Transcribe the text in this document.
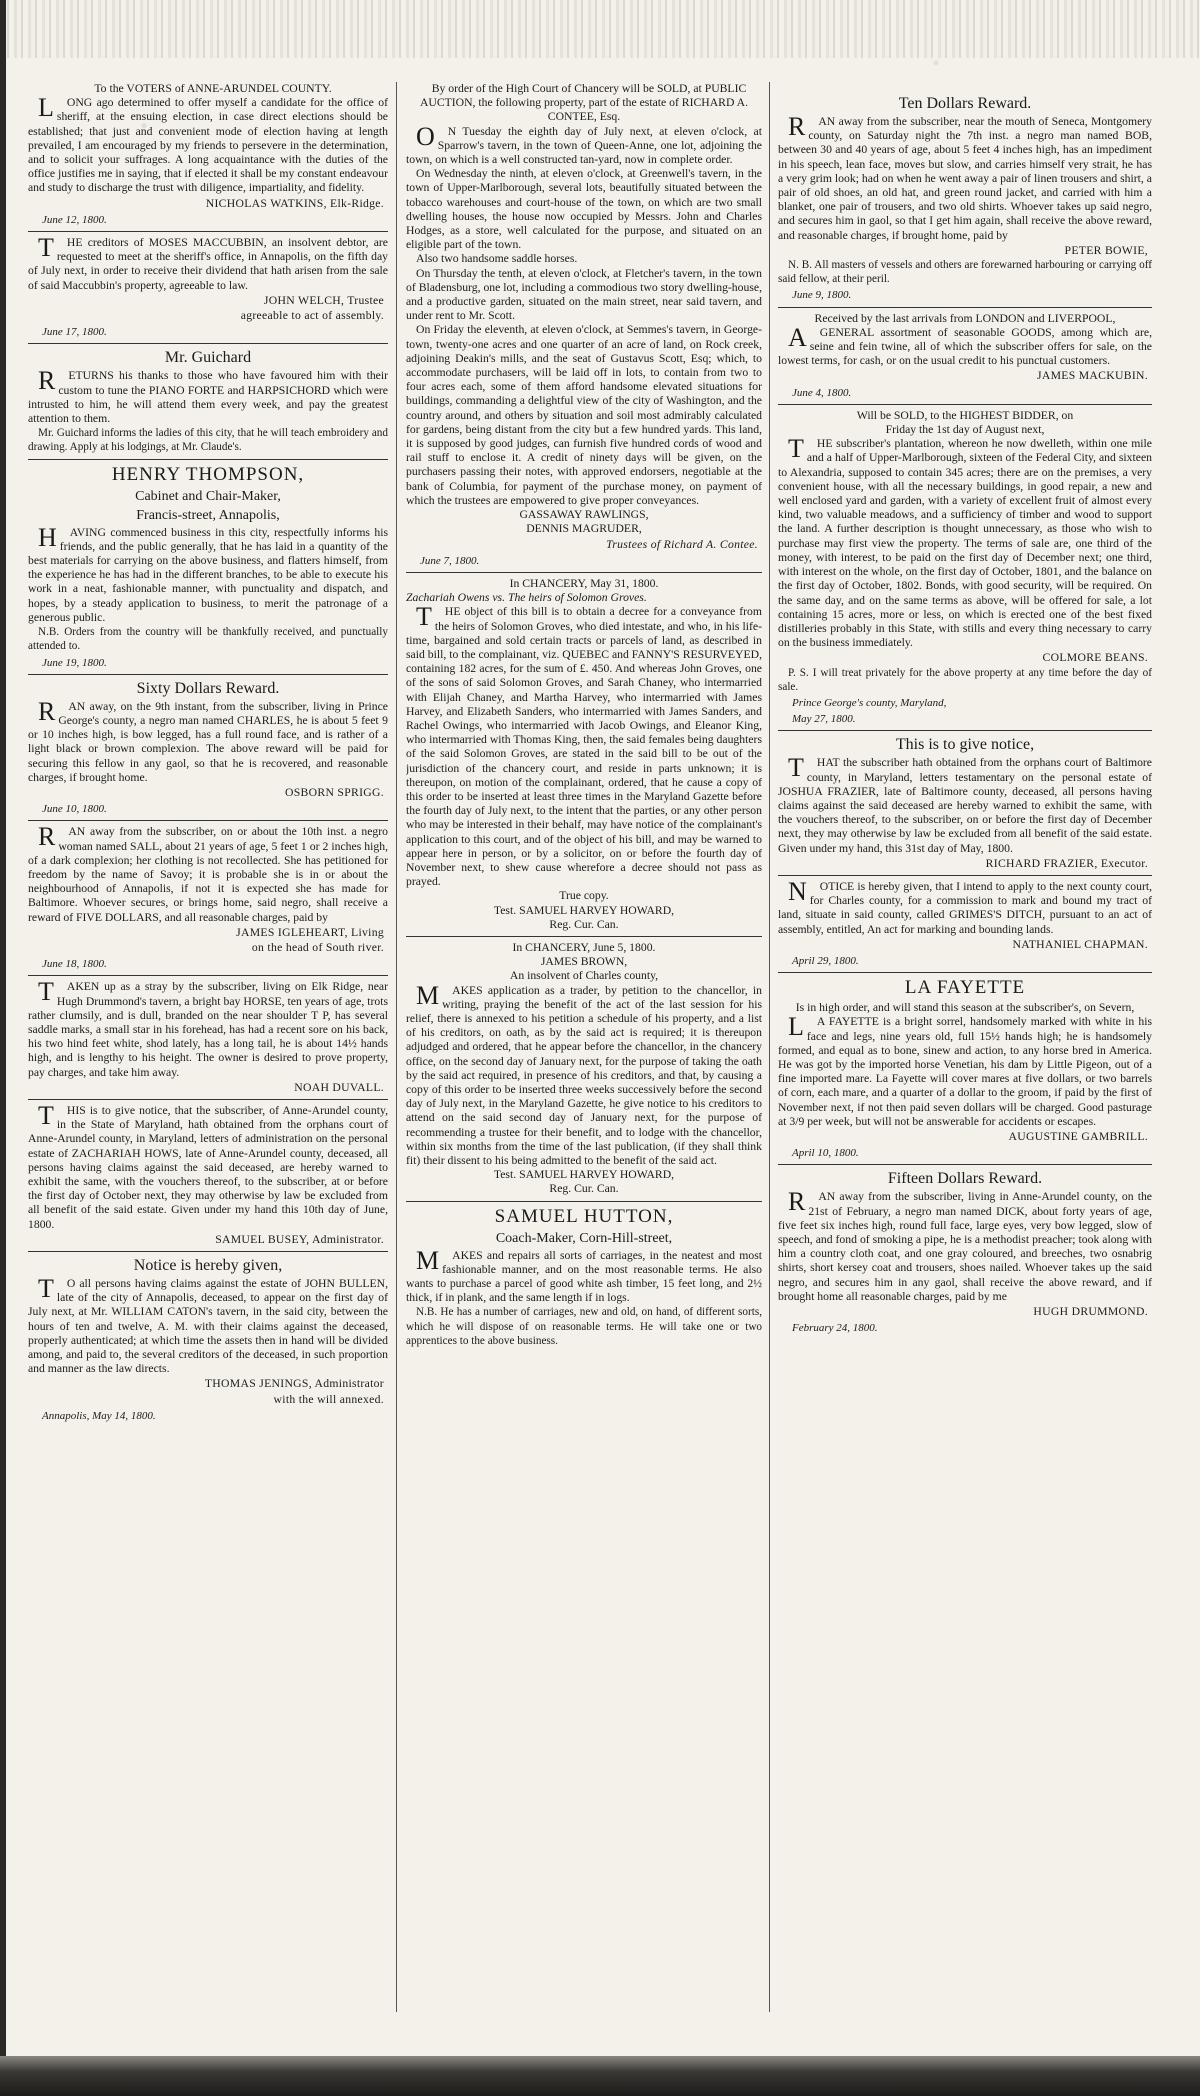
To the VOTERS of ANNE-ARUNDEL COUNTY.

LONG ago determined to offer myself a candidate for the office of sheriff, at the ensuing election, in case direct elections should be established; that just and convenient mode of election having at length prevailed, I am encouraged by my friends to persevere in the determination, and to solicit your suffrages. A long acquaintance with the duties of the office justifies me in saying, that if elected it shall be my constant endeavour and study to discharge the trust with diligence, impartiality, and fidelity.

NICHOLAS WATKINS, Elk-Ridge.
June 12, 1800.

THE creditors of MOSES MACCUBBIN, an insolvent debtor, are requested to meet at the sheriff's office, in Annapolis, on the fifth day of July next, in order to receive their dividend that hath arisen from the sale of said Maccubbin's property, agreeable to law.

JOHN WELCH, Trustee
agreeable to act of assembly.
June 17, 1800.
Mr. Guichard

RETURNS his thanks to those who have favoured him with their custom to tune the PIANO FORTE and HARPSICHORD which were intrusted to him, he will attend them every week, and pay the greatest attention to them.

Mr. Guichard informs the ladies of this city, that he will teach embroidery and drawing. Apply at his lodgings, at Mr. Claude's.

HENRY THOMPSON,
Cabinet and Chair-Maker,
Francis-street, Annapolis,

HAVING commenced business in this city, respectfully informs his friends, and the public generally, that he has laid in a quantity of the best materials for carrying on the above business, and flatters himself, from the experience he has had in the different branches, to be able to execute his work in a neat, fashionable manner, with punctuality and dispatch, and hopes, by a steady application to business, to merit the patronage of a generous public.

N.B. Orders from the country will be thankfully received, and punctually attended to.

June 19, 1800.
Sixty Dollars Reward.

RAN away, on the 9th instant, from the subscriber, living in Prince George's county, a negro man named CHARLES, he is about 5 feet 9 or 10 inches high, is bow legged, has a full round face, and is rather of a light black or brown complexion. The above reward will be paid for securing this fellow in any gaol, so that he is recovered, and reasonable charges, if brought home.

OSBORN SPRIGG.
June 10, 1800.

RAN away from the subscriber, on or about the 10th inst. a negro woman named SALL, about 21 years of age, 5 feet 1 or 2 inches high, of a dark complexion; her clothing is not recollected. She has petitioned for freedom by the name of Savoy; it is probable she is in or about the neighbourhood of Annapolis, if not it is expected she has made for Baltimore. Whoever secures, or brings home, said negro, shall receive a reward of FIVE DOLLARS, and all reasonable charges, paid by

JAMES IGLEHEART, Living
on the head of South river.
June 18, 1800.

TAKEN up as a stray by the subscriber, living on Elk Ridge, near Hugh Drummond's tavern, a bright bay HORSE, ten years of age, trots rather clumsily, and is dull, branded on the near shoulder T P, has several saddle marks, a small star in his forehead, has had a recent sore on his back, his two hind feet white, shod lately, has a long tail, he is about 14½ hands high, and is lengthy to his height. The owner is desired to prove property, pay charges, and take him away.

NOAH DUVALL.

THIS is to give notice, that the subscriber, of Anne-Arundel county, in the State of Maryland, hath obtained from the orphans court of Anne-Arundel county, in Maryland, letters of administration on the personal estate of ZACHARIAH HOWS, late of Anne-Arundel county, deceased, all persons having claims against the said deceased, are hereby warned to exhibit the same, with the vouchers thereof, to the subscriber, at or before the first day of October next, they may otherwise by law be excluded from all benefit of the said estate. Given under my hand this 10th day of June, 1800.

SAMUEL BUSEY, Administrator.
Notice is hereby given,

TO all persons having claims against the estate of JOHN BULLEN, late of the city of Annapolis, deceased, to appear on the first day of July next, at Mr. WILLIAM CATON's tavern, in the said city, between the hours of ten and twelve, A. M. with their claims against the deceased, properly authenticated; at which time the assets then in hand will be divided among, and paid to, the several creditors of the deceased, in such proportion and manner as the law directs.

THOMAS JENINGS, Administrator
with the will annexed.
Annapolis, May 14, 1800.

By order of the High Court of Chancery will be SOLD, at PUBLIC AUCTION, the following property, part of the estate of RICHARD A. CONTEE, Esq.

ON Tuesday the eighth day of July next, at eleven o'clock, at Sparrow's tavern, in the town of Queen-Anne, one lot, adjoining the town, on which is a well constructed tan-yard, now in complete order.

On Wednesday the ninth, at eleven o'clock, at Greenwell's tavern, in the town of Upper-Marlborough, several lots, beautifully situated between the tobacco warehouses and court-house of the town, on which are two small dwelling houses, the house now occupied by Messrs. John and Charles Hodges, as a store, well calculated for the purpose, and situated on an eligible part of the town.

Also two handsome saddle horses.

On Thursday the tenth, at eleven o'clock, at Fletcher's tavern, in the town of Bladensburg, one lot, including a commodious two story dwelling-house, and a productive garden, situated on the main street, near said tavern, and under rent to Mr. Scott.

On Friday the eleventh, at eleven o'clock, at Semmes's tavern, in George-town, twenty-one acres and one quarter of an acre of land, on Rock creek, adjoining Deakin's mills, and the seat of Gustavus Scott, Esq; which, to accommodate purchasers, will be laid off in lots, to contain from two to four acres each, some of them afford handsome elevated situations for buildings, commanding a delightful view of the city of Washington, and the country around, and others by situation and soil most admirably calculated for gardens, being distant from the city but a few hundred yards. This land, it is supposed by good judges, can furnish five hundred cords of wood and rail stuff to enclose it. A credit of ninety days will be given, on the purchasers passing their notes, with approved endorsers, negotiable at the bank of Columbia, for payment of the purchase money, on payment of which the trustees are empowered to give proper conveyances.

GASSAWAY RAWLINGS,
DENNIS MAGRUDER,
Trustees of Richard A. Contee.
June 7, 1800.
In CHANCERY, May 31, 1800.
Zachariah Owens vs. The heirs of Solomon Groves.

THE object of this bill is to obtain a decree for a conveyance from the heirs of Solomon Groves, who died intestate, and who, in his life-time, bargained and sold certain tracts or parcels of land, as described in said bill, to the complainant, viz. QUEBEC and FANNY'S RESURVEYED, containing 182 acres, for the sum of £. 450. And whereas John Groves, one of the sons of said Solomon Groves, and Sarah Chaney, who intermarried with Elijah Chaney, and Martha Harvey, who intermarried with James Harvey, and Elizabeth Sanders, who intermarried with James Sanders, and Rachel Owings, who intermarried with Jacob Owings, and Eleanor King, who intermarried with Thomas King, then, the said females being daughters of the said Solomon Groves, are stated in the said bill to be out of the jurisdiction of the chancery court, and reside in parts unknown; it is thereupon, on motion of the complainant, ordered, that he cause a copy of this order to be inserted at least three times in the Maryland Gazette before the fourth day of July next, to the intent that the parties, or any other person who may be interested in their behalf, may have notice of the complainant's application to this court, and of the object of his bill, and may be warned to appear here in person, or by a solicitor, on or before the fourth day of November next, to shew cause wherefore a decree should not pass as prayed.

True copy.
Test. SAMUEL HARVEY HOWARD,
Reg. Cur. Can.
In CHANCERY, June 5, 1800.
JAMES BROWN,
An insolvent of Charles county,

MAKES application as a trader, by petition to the chancellor, in writing, praying the benefit of the act of the last session for his relief, there is annexed to his petition a schedule of his property, and a list of his creditors, on oath, as by the said act is required; it is thereupon adjudged and ordered, that he appear before the chancellor, in the chancery office, on the second day of January next, for the purpose of taking the oath by the said act required, in presence of his creditors, and that, by causing a copy of this order to be inserted three weeks successively before the second day of July next, in the Maryland Gazette, he give notice to his creditors to attend on the said second day of January next, for the purpose of recommending a trustee for their benefit, and to lodge with the chancellor, within six months from the time of the last publication, (if they shall think fit) their dissent to his being admitted to the benefit of the said act.

Test. SAMUEL HARVEY HOWARD,
Reg. Cur. Can.
SAMUEL HUTTON,
Coach-Maker, Corn-Hill-street,

MAKES and repairs all sorts of carriages, in the neatest and most fashionable manner, and on the most reasonable terms. He also wants to purchase a parcel of good white ash timber, 15 feet long, and 2½ thick, if in plank, and the same length if in logs.

N.B. He has a number of carriages, new and old, on hand, of different sorts, which he will dispose of on reasonable terms. He will take one or two apprentices to the above business.

Ten Dollars Reward.

RAN away from the subscriber, near the mouth of Seneca, Montgomery county, on Saturday night the 7th inst. a negro man named BOB, between 30 and 40 years of age, about 5 feet 4 inches high, has an impediment in his speech, lean face, moves but slow, and carries himself very strait, he has a very grim look; had on when he went away a pair of linen trousers and shirt, a pair of old shoes, an old hat, and green round jacket, and carried with him a blanket, one pair of trousers, and two old shirts. Whoever takes up said negro, and secures him in gaol, so that I get him again, shall receive the above reward, and reasonable charges, if brought home, paid by

PETER BOWIE,

N. B. All masters of vessels and others are forewarned harbouring or carrying off said fellow, at their peril.

June 9, 1800.
Received by the last arrivals from LONDON and LIVERPOOL,

AGENERAL assortment of seasonable GOODS, among which are, seine and fein twine, all of which the subscriber offers for sale, on the lowest terms, for cash, or on the usual credit to his punctual customers.

JAMES MACKUBIN.
June 4, 1800.
Will be SOLD, to the HIGHEST BIDDER, on
Friday the 1st day of August next,

THE subscriber's plantation, whereon he now dwelleth, within one mile and a half of Upper-Marlborough, sixteen of the Federal City, and sixteen to Alexandria, supposed to contain 345 acres; there are on the premises, a very convenient house, with all the necessary buildings, in good repair, a new and well enclosed yard and garden, with a variety of excellent fruit of almost every kind, two valuable meadows, and a sufficiency of timber and wood to support the land. A further description is thought unnecessary, as those who wish to purchase may first view the property. The terms of sale are, one third of the money, with interest, to be paid on the first day of December next; one third, with interest on the whole, on the first day of October, 1801, and the balance on the first day of October, 1802. Bonds, with good security, will be required. On the same day, and on the same terms as above, will be offered for sale, a lot containing 15 acres, more or less, on which is erected one of the best fixed distilleries probably in this State, with stills and every thing necessary to carry on the business immediately.

COLMORE BEANS.

P. S. I will treat privately for the above property at any time before the day of sale.

Prince George's county, Maryland,
May 27, 1800.
This is to give notice,

THAT the subscriber hath obtained from the orphans court of Baltimore county, in Maryland, letters testamentary on the personal estate of JOSHUA FRAZIER, late of Baltimore county, deceased, all persons having claims against the said deceased are hereby warned to exhibit the same, with the vouchers thereof, to the subscriber, on or before the first day of December next, they may otherwise by law be excluded from all benefit of the said estate. Given under my hand, this 31st day of May, 1800.

RICHARD FRAZIER, Executor.

NOTICE is hereby given, that I intend to apply to the next county court, for Charles county, for a commission to mark and bound my tract of land, situate in said county, called GRIMES'S DITCH, pursuant to an act of assembly, entitled, An act for marking and bounding lands.

NATHANIEL CHAPMAN.
April 29, 1800.
LA FAYETTE
Is in high order, and will stand this season at the subscriber's, on Severn,

LA FAYETTE is a bright sorrel, handsomely marked with white in his face and legs, nine years old, full 15½ hands high; he is handsomely formed, and equal as to bone, sinew and action, to any horse bred in America. He was got by the imported horse Venetian, his dam by Little Pigeon, out of a fine imported mare. La Fayette will cover mares at five dollars, or two barrels of corn, each mare, and a quarter of a dollar to the groom, if paid by the first of November next, if not then paid seven dollars will be charged. Good pasturage at 3/9 per week, but will not be answerable for accidents or escapes.

AUGUSTINE GAMBRILL.
April 10, 1800.
Fifteen Dollars Reward.

RAN away from the subscriber, living in Anne-Arundel county, on the 21st of February, a negro man named DICK, about forty years of age, five feet six inches high, round full face, large eyes, very bow legged, slow of speech, and fond of smoking a pipe, he is a methodist preacher; took along with him a country cloth coat, and one gray coloured, and breeches, two osnabrig shirts, short kersey coat and trousers, shoes nailed. Whoever takes up the said negro, and secures him in any gaol, shall receive the above reward, and if brought home all reasonable charges, paid by me

HUGH DRUMMOND.
February 24, 1800.
